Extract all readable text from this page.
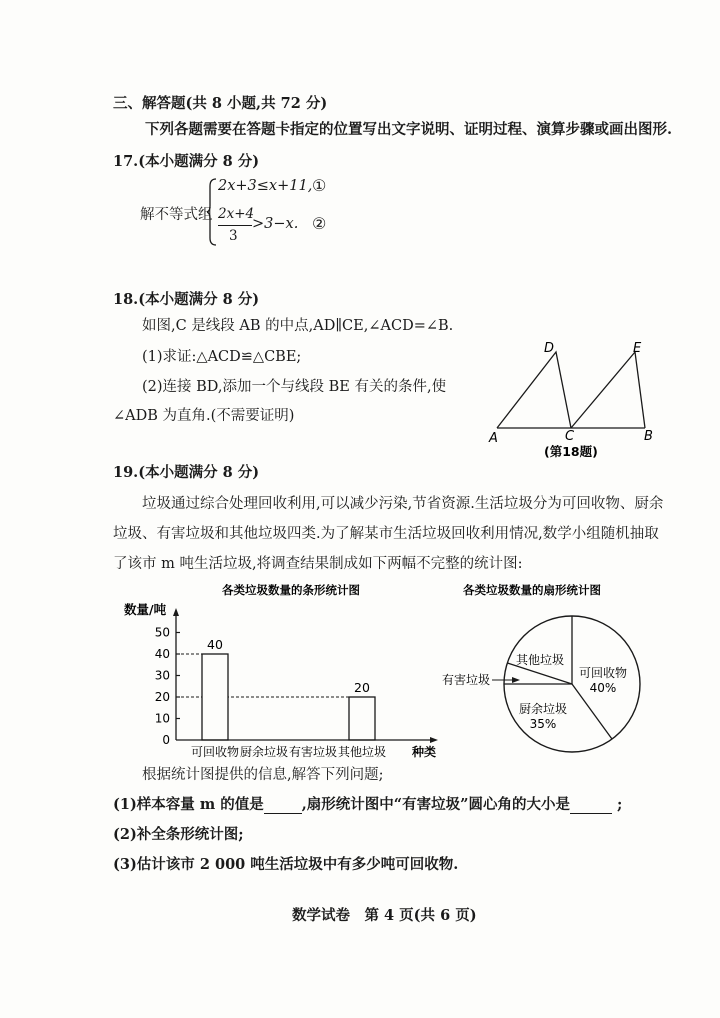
三、解答题(共 8 小题,共 72 分)
下列各题需要在答题卡指定的位置写出文字说明、证明过程、演算步骤或画出图形.
17.(本小题满分 8 分)
解不等式组
2x+3≤x+11, ①
2x+4
3
>3−x. ②
18.(本小题满分 8 分)
如图,C 是线段 AB 的中点,AD∥CE,∠ACD=∠B.
(1)求证:△ACD≌△CBE;
(2)连接 BD,添加一个与线段 BE 有关的条件,使
∠ADB 为直角.(不需要证明)
A	C	B
D	E
(第18题)
19.(本小题满分 8 分)
垃圾通过综合处理回收利用,可以减少污染,节省资源.生活垃圾分为可回收物、厨余
垃圾、有害垃圾和其他垃圾四类.为了解某市生活垃圾回收利用情况,数学小组随机抽取
了该市 m 吨生活垃圾,将调查结果制成如下两幅不完整的统计图:
各类垃圾数量的条形统计图
数量/吨
种类
0
10
20
30
40
50
40
20
可回收物 厨余垃圾 有害垃圾 其他垃圾
各类垃圾数量的扇形统计图
可回收物
40%
厨余垃圾
35%
其他垃圾
有害垃圾
根据统计图提供的信息,解答下列问题;
(1)样本容量 m 的值是	,扇形统计图中“有害垃圾”圆心角的大小是	;
(2)补全条形统计图;
(3)估计该市 2 000 吨生活垃圾中有多少吨可回收物.
数学试卷　第 4 页(共 6 页)
